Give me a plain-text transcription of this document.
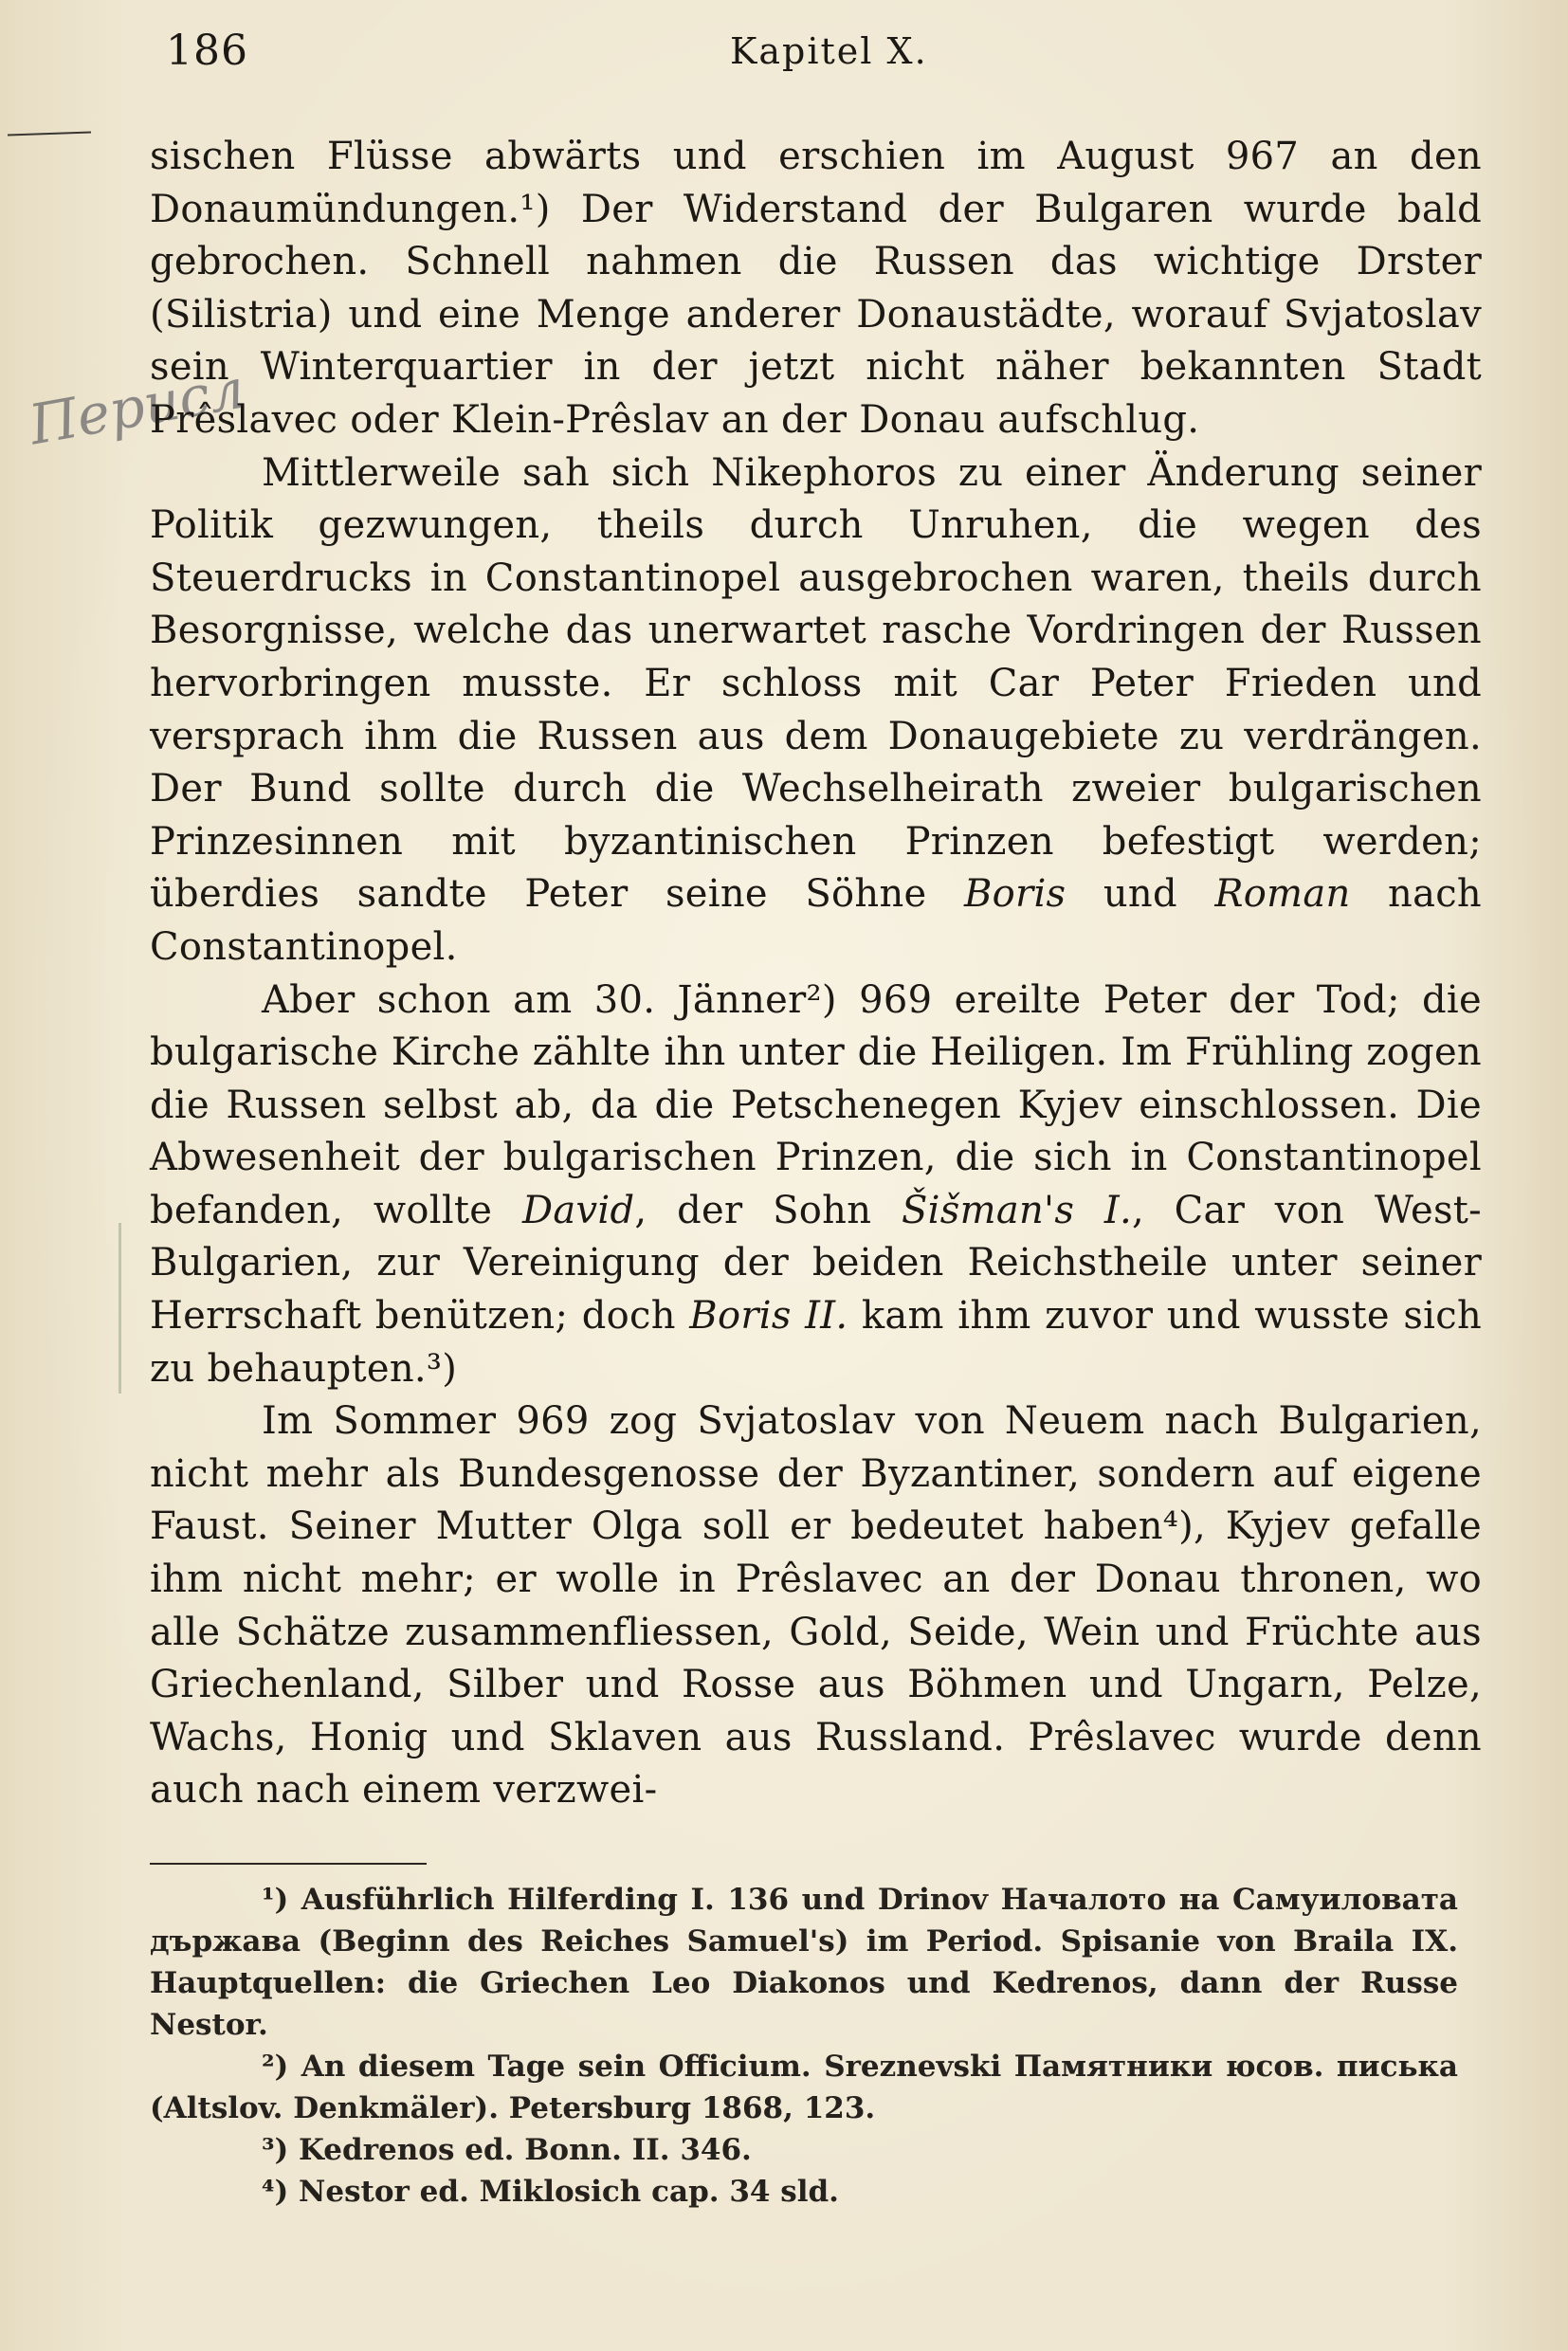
Перисл
186	Kapitel X.

sischen Flüsse abwärts und erschien im August 967 an den Donaumündungen.¹) Der Widerstand der Bulgaren wurde bald gebrochen. Schnell nahmen die Russen das wichtige Drster (Silistria) und eine Menge anderer Donaustädte, worauf Svjatoslav sein Winterquartier in der jetzt nicht näher bekannten Stadt Prêslavec oder Klein-Prêslav an der Donau aufschlug.

Mittlerweile sah sich Nikephoros zu einer Änderung seiner Politik gezwungen, theils durch Unruhen, die wegen des Steuerdrucks in Constantinopel ausgebrochen waren, theils durch Besorgnisse, welche das unerwartet rasche Vordringen der Russen hervorbringen musste. Er schloss mit Car Peter Frieden und versprach ihm die Russen aus dem Donaugebiete zu verdrängen. Der Bund sollte durch die Wechselheirath zweier bulgarischen Prinzesinnen mit byzantinischen Prinzen befestigt werden; überdies sandte Peter seine Söhne Boris und Roman nach Constantinopel.

Aber schon am 30. Jänner²) 969 ereilte Peter der Tod; die bulgarische Kirche zählte ihn unter die Heiligen. Im Frühling zogen die Russen selbst ab, da die Petschenegen Kyjev einschlossen. Die Abwesenheit der bulgarischen Prinzen, die sich in Constantinopel befanden, wollte David, der Sohn Šišman's I., Car von West-Bulgarien, zur Vereinigung der beiden Reichstheile unter seiner Herrschaft benützen; doch Boris II. kam ihm zuvor und wusste sich zu behaupten.³)

Im Sommer 969 zog Svjatoslav von Neuem nach Bulgarien, nicht mehr als Bundesgenosse der Byzantiner, sondern auf eigene Faust. Seiner Mutter Olga soll er bedeutet haben⁴), Kyjev gefalle ihm nicht mehr; er wolle in Prêslavec an der Donau thronen, wo alle Schätze zusammenfliessen, Gold, Seide, Wein und Früchte aus Griechenland, Silber und Rosse aus Böhmen und Ungarn, Pelze, Wachs, Honig und Sklaven aus Russland. Prêslavec wurde denn auch nach einem verzwei-

¹) Ausführlich Hilferding I. 136 und Drinov Началото на Самуиловата държава (Beginn des Reiches Samuel's) im Period. Spisanie von Braila IX. Hauptquellen: die Griechen Leo Diakonos und Kedrenos, dann der Russe Nestor.

²) An diesem Tage sein Officium. Sreznevski Памятники юсов. писька (Altslov. Denkmäler). Petersburg 1868, 123.

³) Kedrenos ed. Bonn. II. 346.

⁴) Nestor ed. Miklosich cap. 34 sld.
